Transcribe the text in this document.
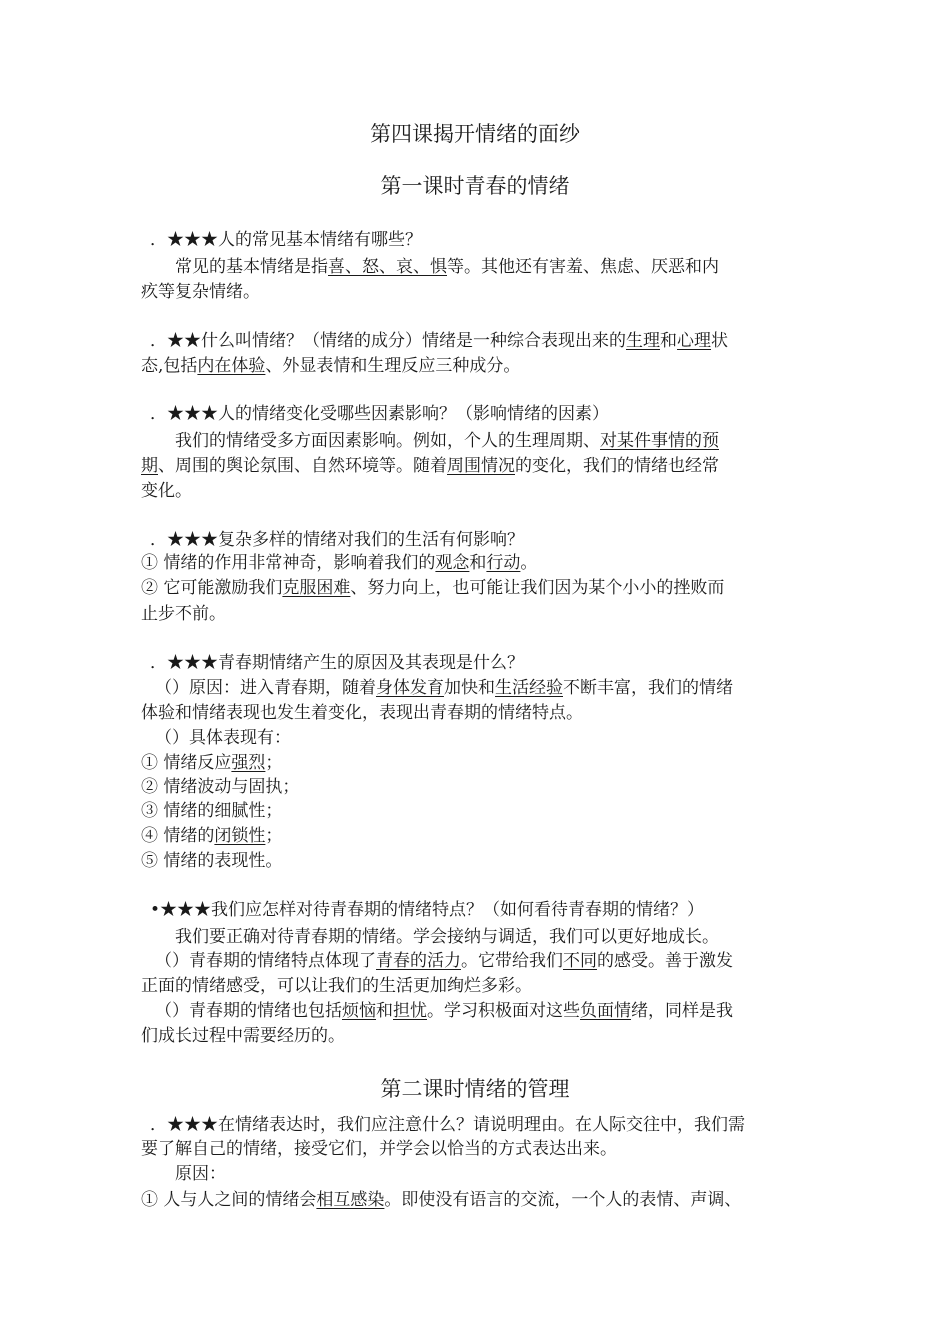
第四课揭开情绪的面纱
第一课时青春的情绪
．★★★人的常见基本情绪有哪些？
　　常见的基本情绪是指喜、怒、哀、惧等。其他还有害羞、焦虑、厌恶和内
疚等复杂情绪。
．★★什么叫情绪？（情绪的成分）情绪是一种综合表现出来的生理和心理状
态,包括内在体验、外显表情和生理反应三种成分。
．★★★人的情绪变化受哪些因素影响？（影响情绪的因素）
　　我们的情绪受多方面因素影响。例如，个人的生理周期、对某件事情的预
期、周围的舆论氛围、自然环境等。随着周围情况的变化，我们的情绪也经常
变化。
．★★★复杂多样的情绪对我们的生活有何影响？
① 情绪的作用非常神奇，影响着我们的观念和行动。
② 它可能激励我们克服困难、努力向上，也可能让我们因为某个小小的挫败而
止步不前。
．★★★青春期情绪产生的原因及其表现是什么？
（）原因：进入青春期，随着身体发育加快和生活经验不断丰富，我们的情绪
体验和情绪表现也发生着变化，表现出青春期的情绪特点。
（）具体表现有：
① 情绪反应强烈；
② 情绪波动与固执；
③ 情绪的细腻性；
④ 情绪的闭锁性；
⑤ 情绪的表现性。
•★★★我们应怎样对待青春期的情绪特点？（如何看待青春期的情绪？）
　　我们要正确对待青春期的情绪。学会接纳与调适，我们可以更好地成长。
（）青春期的情绪特点体现了青春的活力。它带给我们不同的感受。善于激发
正面的情绪感受，可以让我们的生活更加绚烂多彩。
（）青春期的情绪也包括烦恼和担忧。学习积极面对这些负面情绪，同样是我
们成长过程中需要经历的。
第二课时情绪的管理
．★★★在情绪表达时，我们应注意什么？请说明理由。在人际交往中，我们需
要了解自己的情绪，接受它们，并学会以恰当的方式表达出来。
　　原因：
① 人与人之间的情绪会相互感染。即使没有语言的交流，一个人的表情、声调、
